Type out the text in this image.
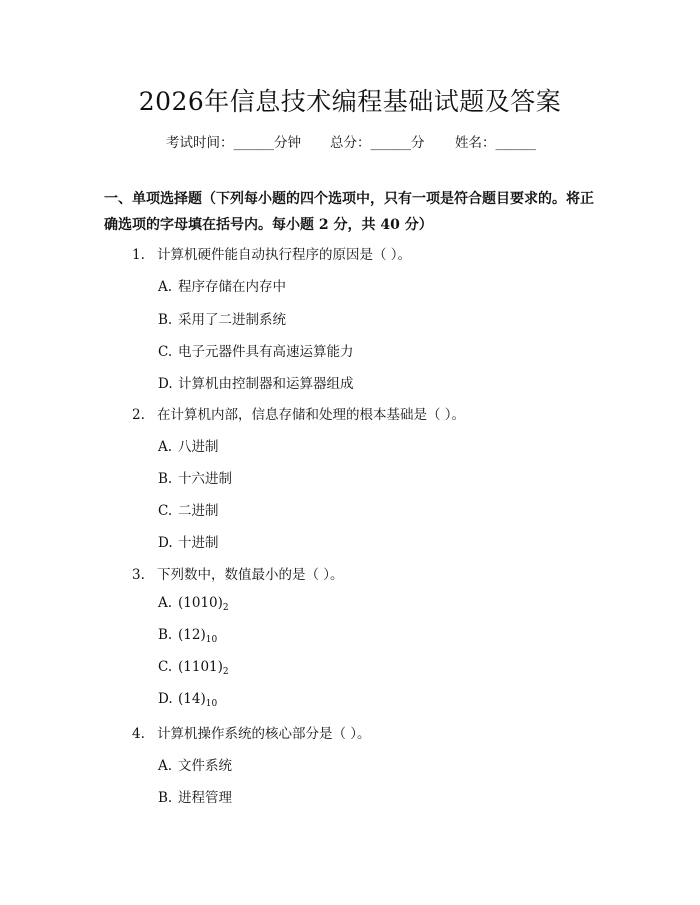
2026年信息技术编程基础试题及答案
考试时间：______分钟 总分：______分 姓名：______
一、单项选择题（下列每小题的四个选项中，只有一项是符合题目要求的。将正确选项的字母填在括号内。每小题 2 分，共 40 分）
1. 计算机硬件能自动执行程序的原因是（ ）。
A. 程序存储在内存中
B. 采用了二进制系统
C. 电子元器件具有高速运算能力
D. 计算机由控制器和运算器组成
2. 在计算机内部，信息存储和处理的根本基础是（ ）。
A. 八进制
B. 十六进制
C. 二进制
D. 十进制
3. 下列数中，数值最小的是（ ）。
A. $(1010)_2$
B. $(12)_{10}$
C. $(1101)_2$
D. $(14)_{10}$
4. 计算机操作系统的核心部分是（ ）。
A. 文件系统
B. 进程管理
